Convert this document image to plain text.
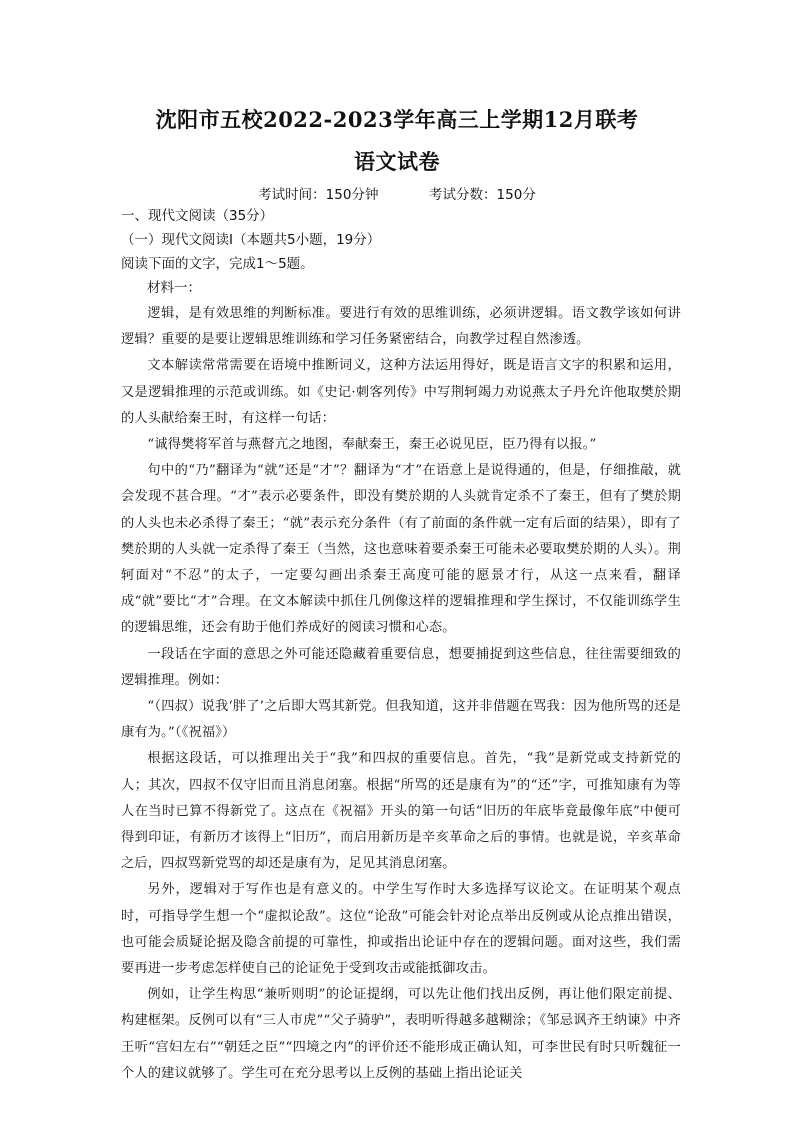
沈阳市五校2022-2023学年高三上学期12月联考
语文试卷
考试时间：150分钟	考试分数：150分
一、现代文阅读（35分）
（一）现代文阅读Ⅰ（本题共5小题，19分）
阅读下面的文字，完成1～5题。
材料一：

逻辑，是有效思维的判断标准。要进行有效的思维训练，必须讲逻辑。语文教学该如何讲逻辑？重要的是要让逻辑思维训练和学习任务紧密结合，向教学过程自然渗透。

文本解读常常需要在语境中推断词义，这种方法运用得好，既是语言文字的积累和运用，又是逻辑推理的示范或训练。如《史记·刺客列传》中写荆轲竭力劝说燕太子丹允许他取樊於期的人头献给秦王时，有这样一句话：

“诚得樊将军首与燕督亢之地图，奉献秦王，秦王必说见臣，臣乃得有以报。”

句中的“乃”翻译为“就”还是“才”？翻译为“才”在语意上是说得通的，但是，仔细推敲，就会发现不甚合理。“才”表示必要条件，即没有樊於期的人头就肯定杀不了秦王，但有了樊於期的人头也未必杀得了秦王；“就”表示充分条件（有了前面的条件就一定有后面的结果），即有了樊於期的人头就一定杀得了秦王（当然，这也意味着要杀秦王可能未必要取樊於期的人头）。荆轲面对“不忍”的太子，一定要勾画出杀秦王高度可能的愿景才行，从这一点来看，翻译成“就”要比“才”合理。在文本解读中抓住几例像这样的逻辑推理和学生探讨，不仅能训练学生的逻辑思维，还会有助于他们养成好的阅读习惯和心态。

一段话在字面的意思之外可能还隐藏着重要信息，想要捕捉到这些信息，往往需要细致的逻辑推理。例如：

“（四叔）说我‘胖了’之后即大骂其新党。但我知道，这并非借题在骂我：因为他所骂的还是康有为。”（《祝福》）

根据这段话，可以推理出关于“我”和四叔的重要信息。首先，“我”是新党或支持新党的人；其次，四叔不仅守旧而且消息闭塞。根据“所骂的还是康有为”的“还”字，可推知康有为等人在当时已算不得新党了。这点在《祝福》开头的第一句话“旧历的年底毕竟最像年底”中便可得到印证，有新历才该得上“旧历”，而启用新历是辛亥革命之后的事情。也就是说，辛亥革命之后，四叔骂新党骂的却还是康有为，足见其消息闭塞。

另外，逻辑对于写作也是有意义的。中学生写作时大多选择写议论文。在证明某个观点时，可指导学生想一个“虚拟论敌”。这位“论敌”可能会针对论点举出反例或从论点推出错误，也可能会质疑论据及隐含前提的可靠性，抑或指出论证中存在的逻辑问题。面对这些，我们需要再进一步考虑怎样使自己的论证免于受到攻击或能抵御攻击。

例如，让学生构思“兼听则明”的论证提纲，可以先让他们找出反例，再让他们限定前提、构建框架。反例可以有“三人市虎”“父子骑驴”，表明听得越多越糊涂；《邹忌讽齐王纳谏》中齐王听“宫妇左右”“朝廷之臣”“四境之内”的评价还不能形成正确认知，可李世民有时只听魏征一个人的建议就够了。学生可在充分思考以上反例的基础上指出论证关
